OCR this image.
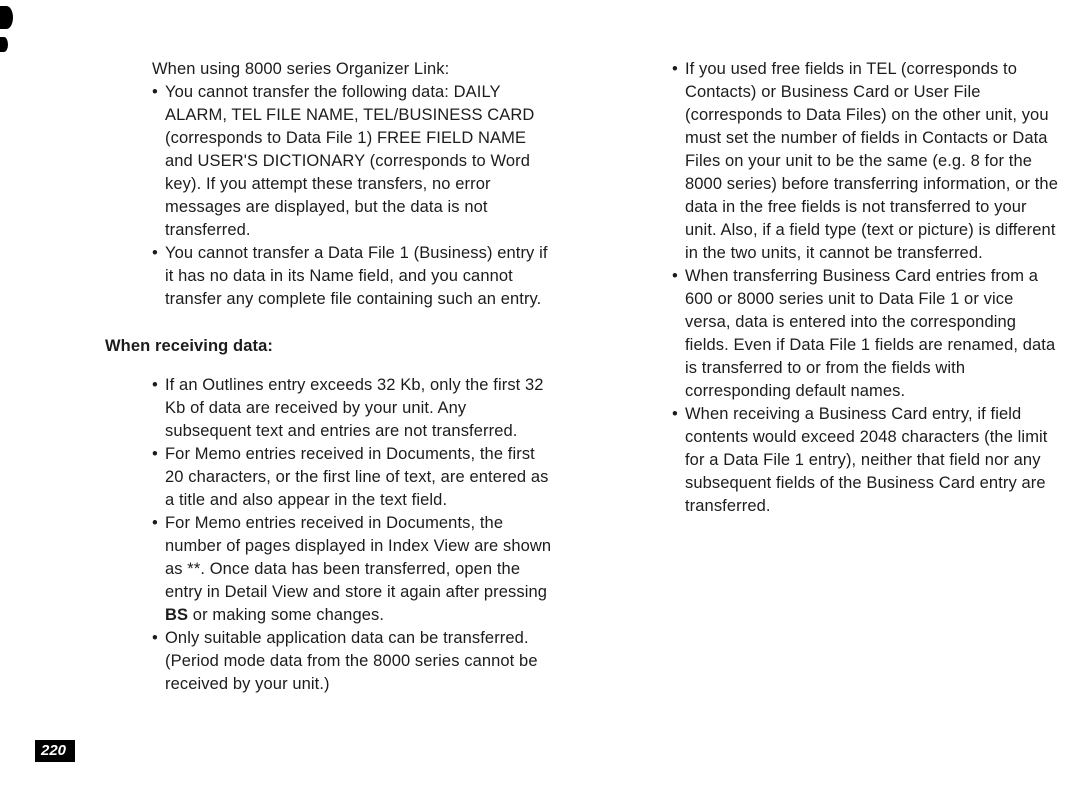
When using 8000 series Organizer Link:
• You cannot transfer the following data: DAILY ALARM, TEL FILE NAME, TEL/BUSINESS CARD (corresponds to Data File 1) FREE FIELD NAME and USER'S DICTIONARY (corresponds to Word key). If you attempt these transfers, no error messages are displayed, but the data is not transferred.
• You cannot transfer a Data File 1 (Business) entry if it has no data in its Name field, and you cannot transfer any complete file containing such an entry.
When receiving data:
• If an Outlines entry exceeds 32 Kb, only the first 32 Kb of data are received by your unit. Any subsequent text and entries are not transferred.
• For Memo entries received in Documents, the first 20 characters, or the first line of text, are entered as a title and also appear in the text field.
• For Memo entries received in Documents, the number of pages displayed in Index View are shown as **. Once data has been transferred, open the entry in Detail View and store it again after pressing BS or making some changes.
• Only suitable application data can be transferred. (Period mode data from the 8000 series cannot be received by your unit.)
• If you used free fields in TEL (corresponds to Contacts) or Business Card or User File (corresponds to Data Files) on the other unit, you must set the number of fields in Contacts or Data Files on your unit to be the same (e.g. 8 for the 8000 series) before transferring information, or the data in the free fields is not transferred to your unit. Also, if a field type (text or picture) is different in the two units, it cannot be transferred.
• When transferring Business Card entries from a 600 or 8000 series unit to Data File 1 or vice versa, data is entered into the corresponding fields. Even if Data File 1 fields are renamed, data is transferred to or from the fields with corresponding default names.
• When receiving a Business Card entry, if field contents would exceed 2048 characters (the limit for a Data File 1 entry), neither that field nor any subsequent fields of the Business Card entry are transferred.
220
